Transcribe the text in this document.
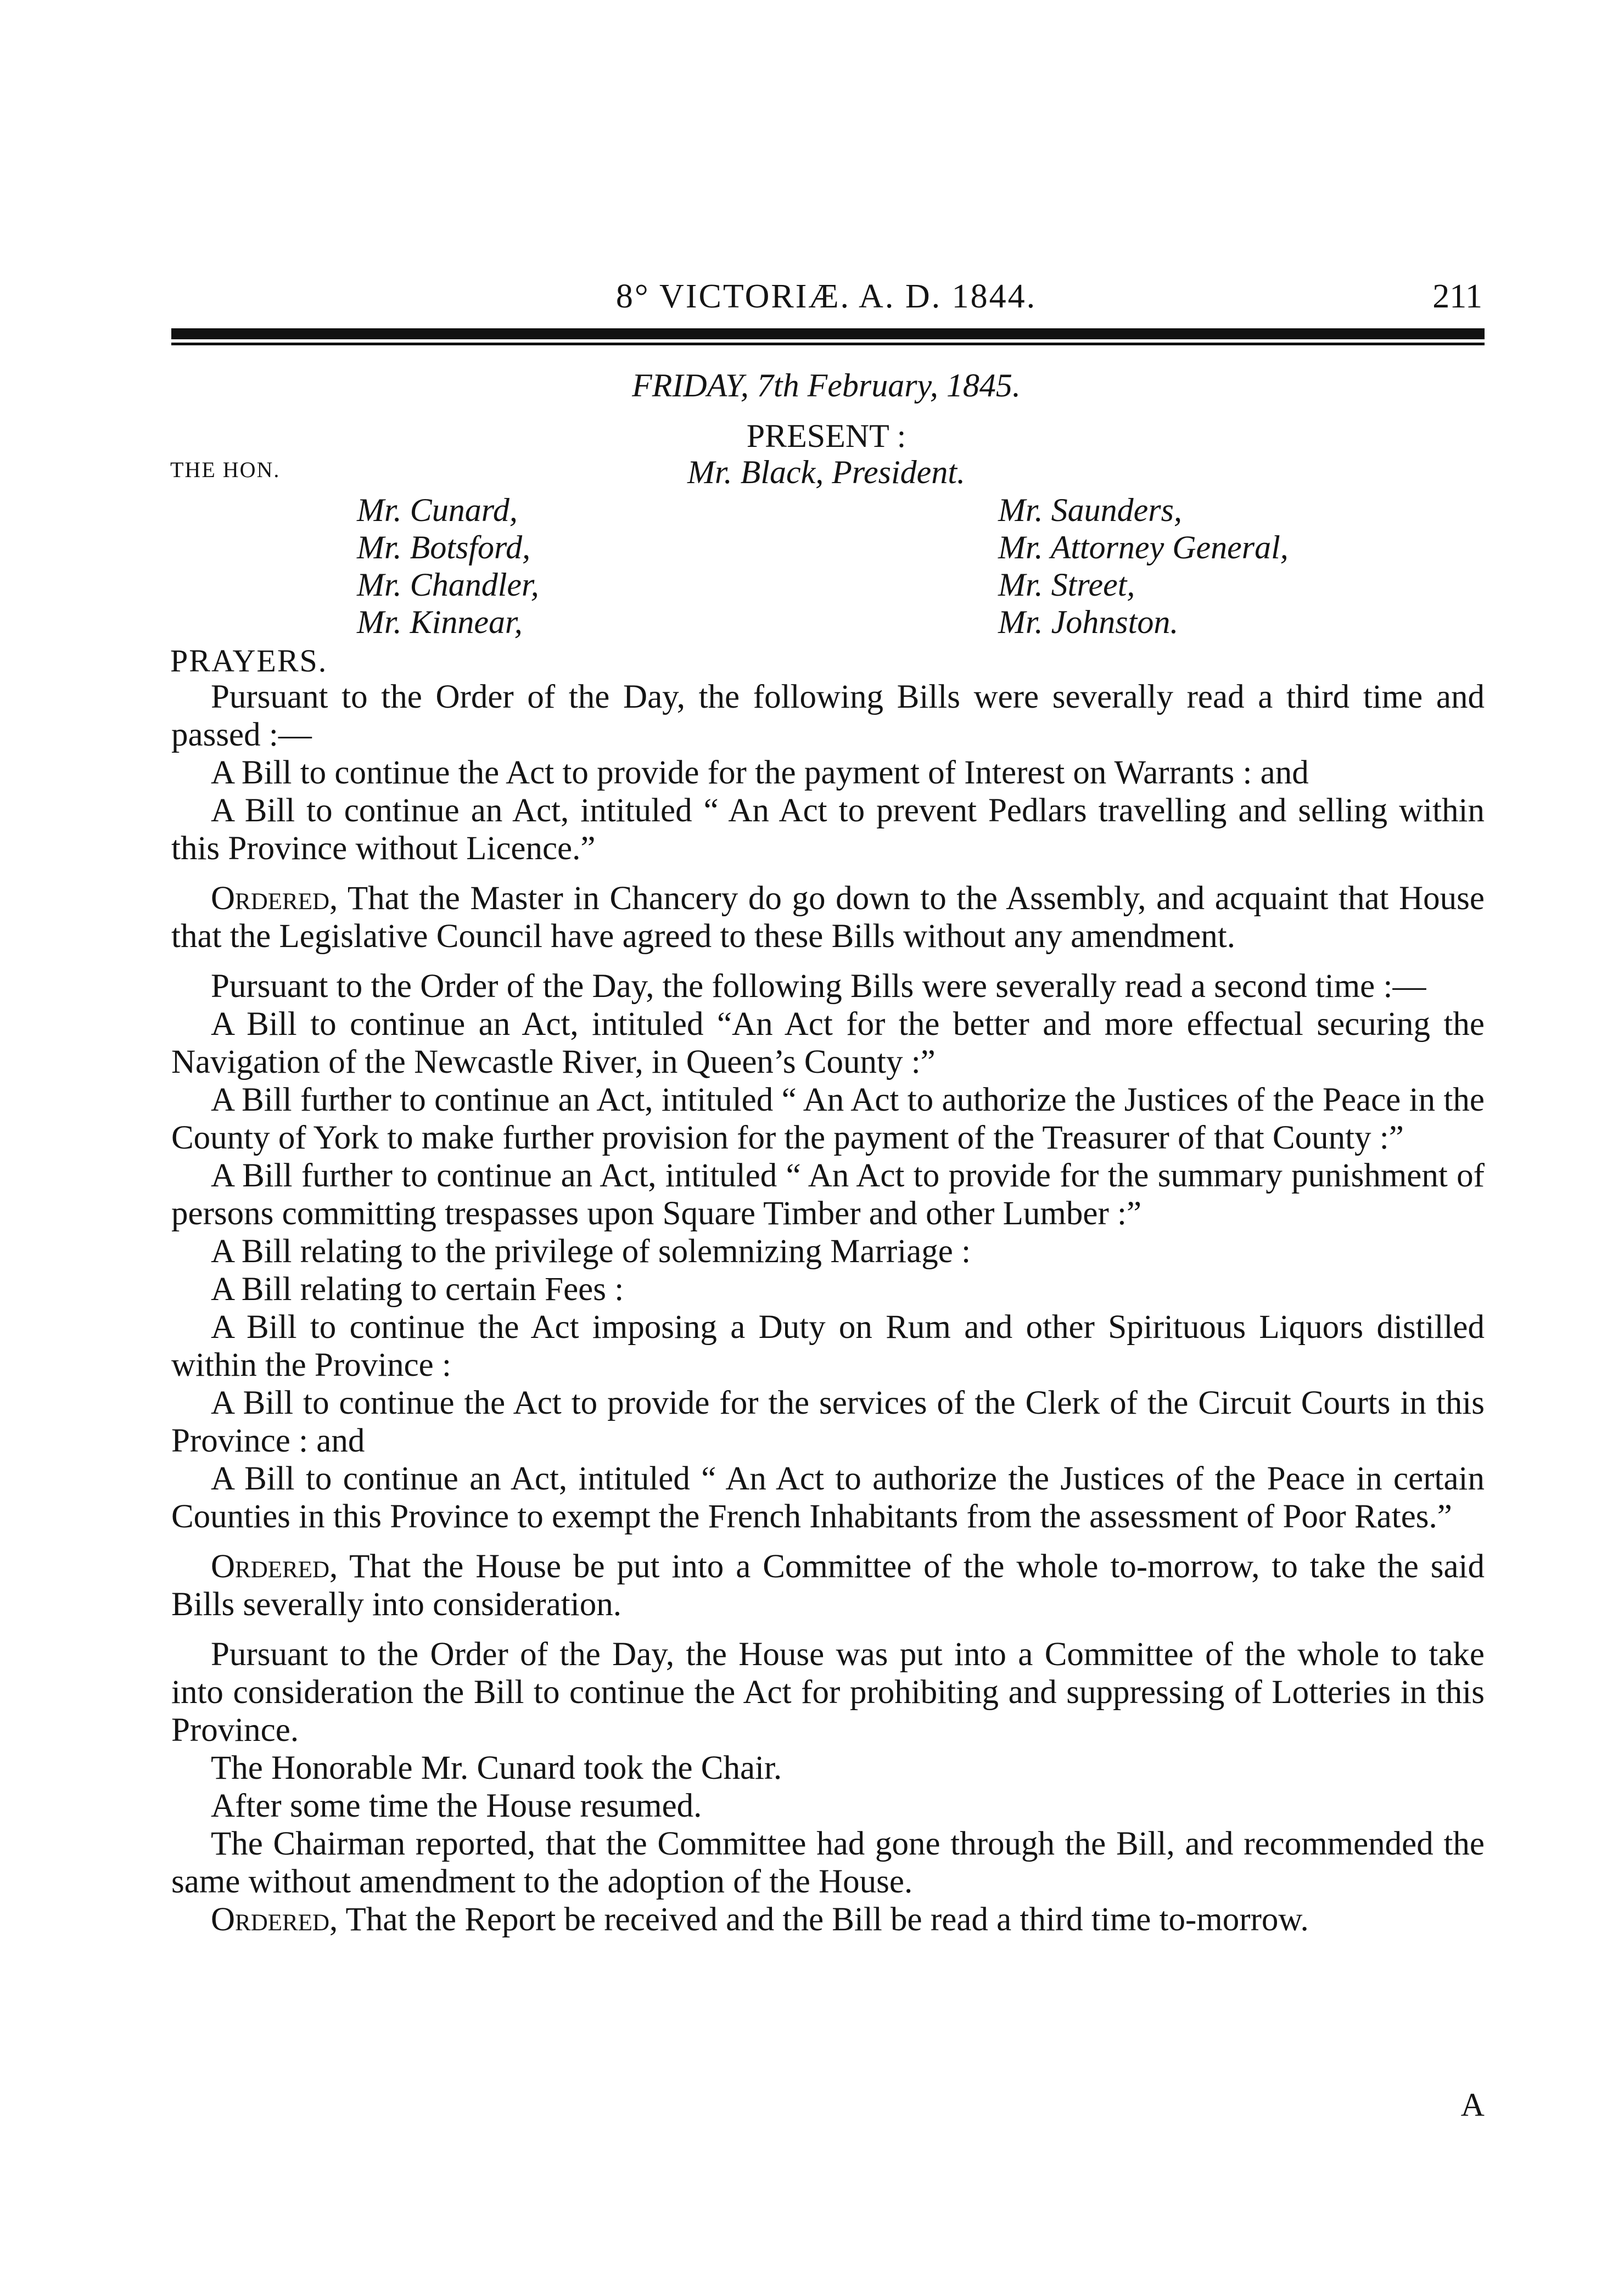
8° VICTORIÆ. A. D. 1844.	211
FRIDAY, 7th February, 1845.
PRESENT :
Mr. Black, President.
THE HON.
Mr. Cunard,
Mr. Botsford,
Mr. Chandler,
Mr. Kinnear,
Mr. Saunders,
Mr. Attorney General,
Mr. Street,
Mr. Johnston.
PRAYERS.

Pursuant to the Order of the Day, the following Bills were severally read a third time and passed :—

A Bill to continue the Act to provide for the payment of Interest on Warrants : and

A Bill to continue an Act, intituled “ An Act to prevent Pedlars travelling and selling within this Province without Licence.”

Ordered, That the Master in Chancery do go down to the Assembly, and acquaint that House that the Legislative Council have agreed to these Bills without any amendment.

Pursuant to the Order of the Day, the following Bills were severally read a second time :—

A Bill to continue an Act, intituled “An Act for the better and more effectual securing the Navigation of the Newcastle River, in Queen’s County :”

A Bill further to continue an Act, intituled “ An Act to authorize the Justices of the Peace in the County of York to make further provision for the payment of the Treasurer of that County :”

A Bill further to continue an Act, intituled “ An Act to provide for the summary punishment of persons committing trespasses upon Square Timber and other Lumber :”

A Bill relating to the privilege of solemnizing Marriage :

A Bill relating to certain Fees :

A Bill to continue the Act imposing a Duty on Rum and other Spirituous Liquors distilled within the Province :

A Bill to continue the Act to provide for the services of the Clerk of the Circuit Courts in this Province : and

A Bill to continue an Act, intituled “ An Act to authorize the Justices of the Peace in certain Counties in this Province to exempt the French Inhabitants from the assessment of Poor Rates.”

Ordered, That the House be put into a Committee of the whole to-morrow, to take the said Bills severally into consideration.

Pursuant to the Order of the Day, the House was put into a Committee of the whole to take into consideration the Bill to continue the Act for prohibiting and suppressing of Lotteries in this Province.

The Honorable Mr. Cunard took the Chair.

After some time the House resumed.

The Chairman reported, that the Committee had gone through the Bill, and recommended the same without amendment to the adoption of the House.

Ordered, That the Report be received and the Bill be read a third time to-morrow.

A
